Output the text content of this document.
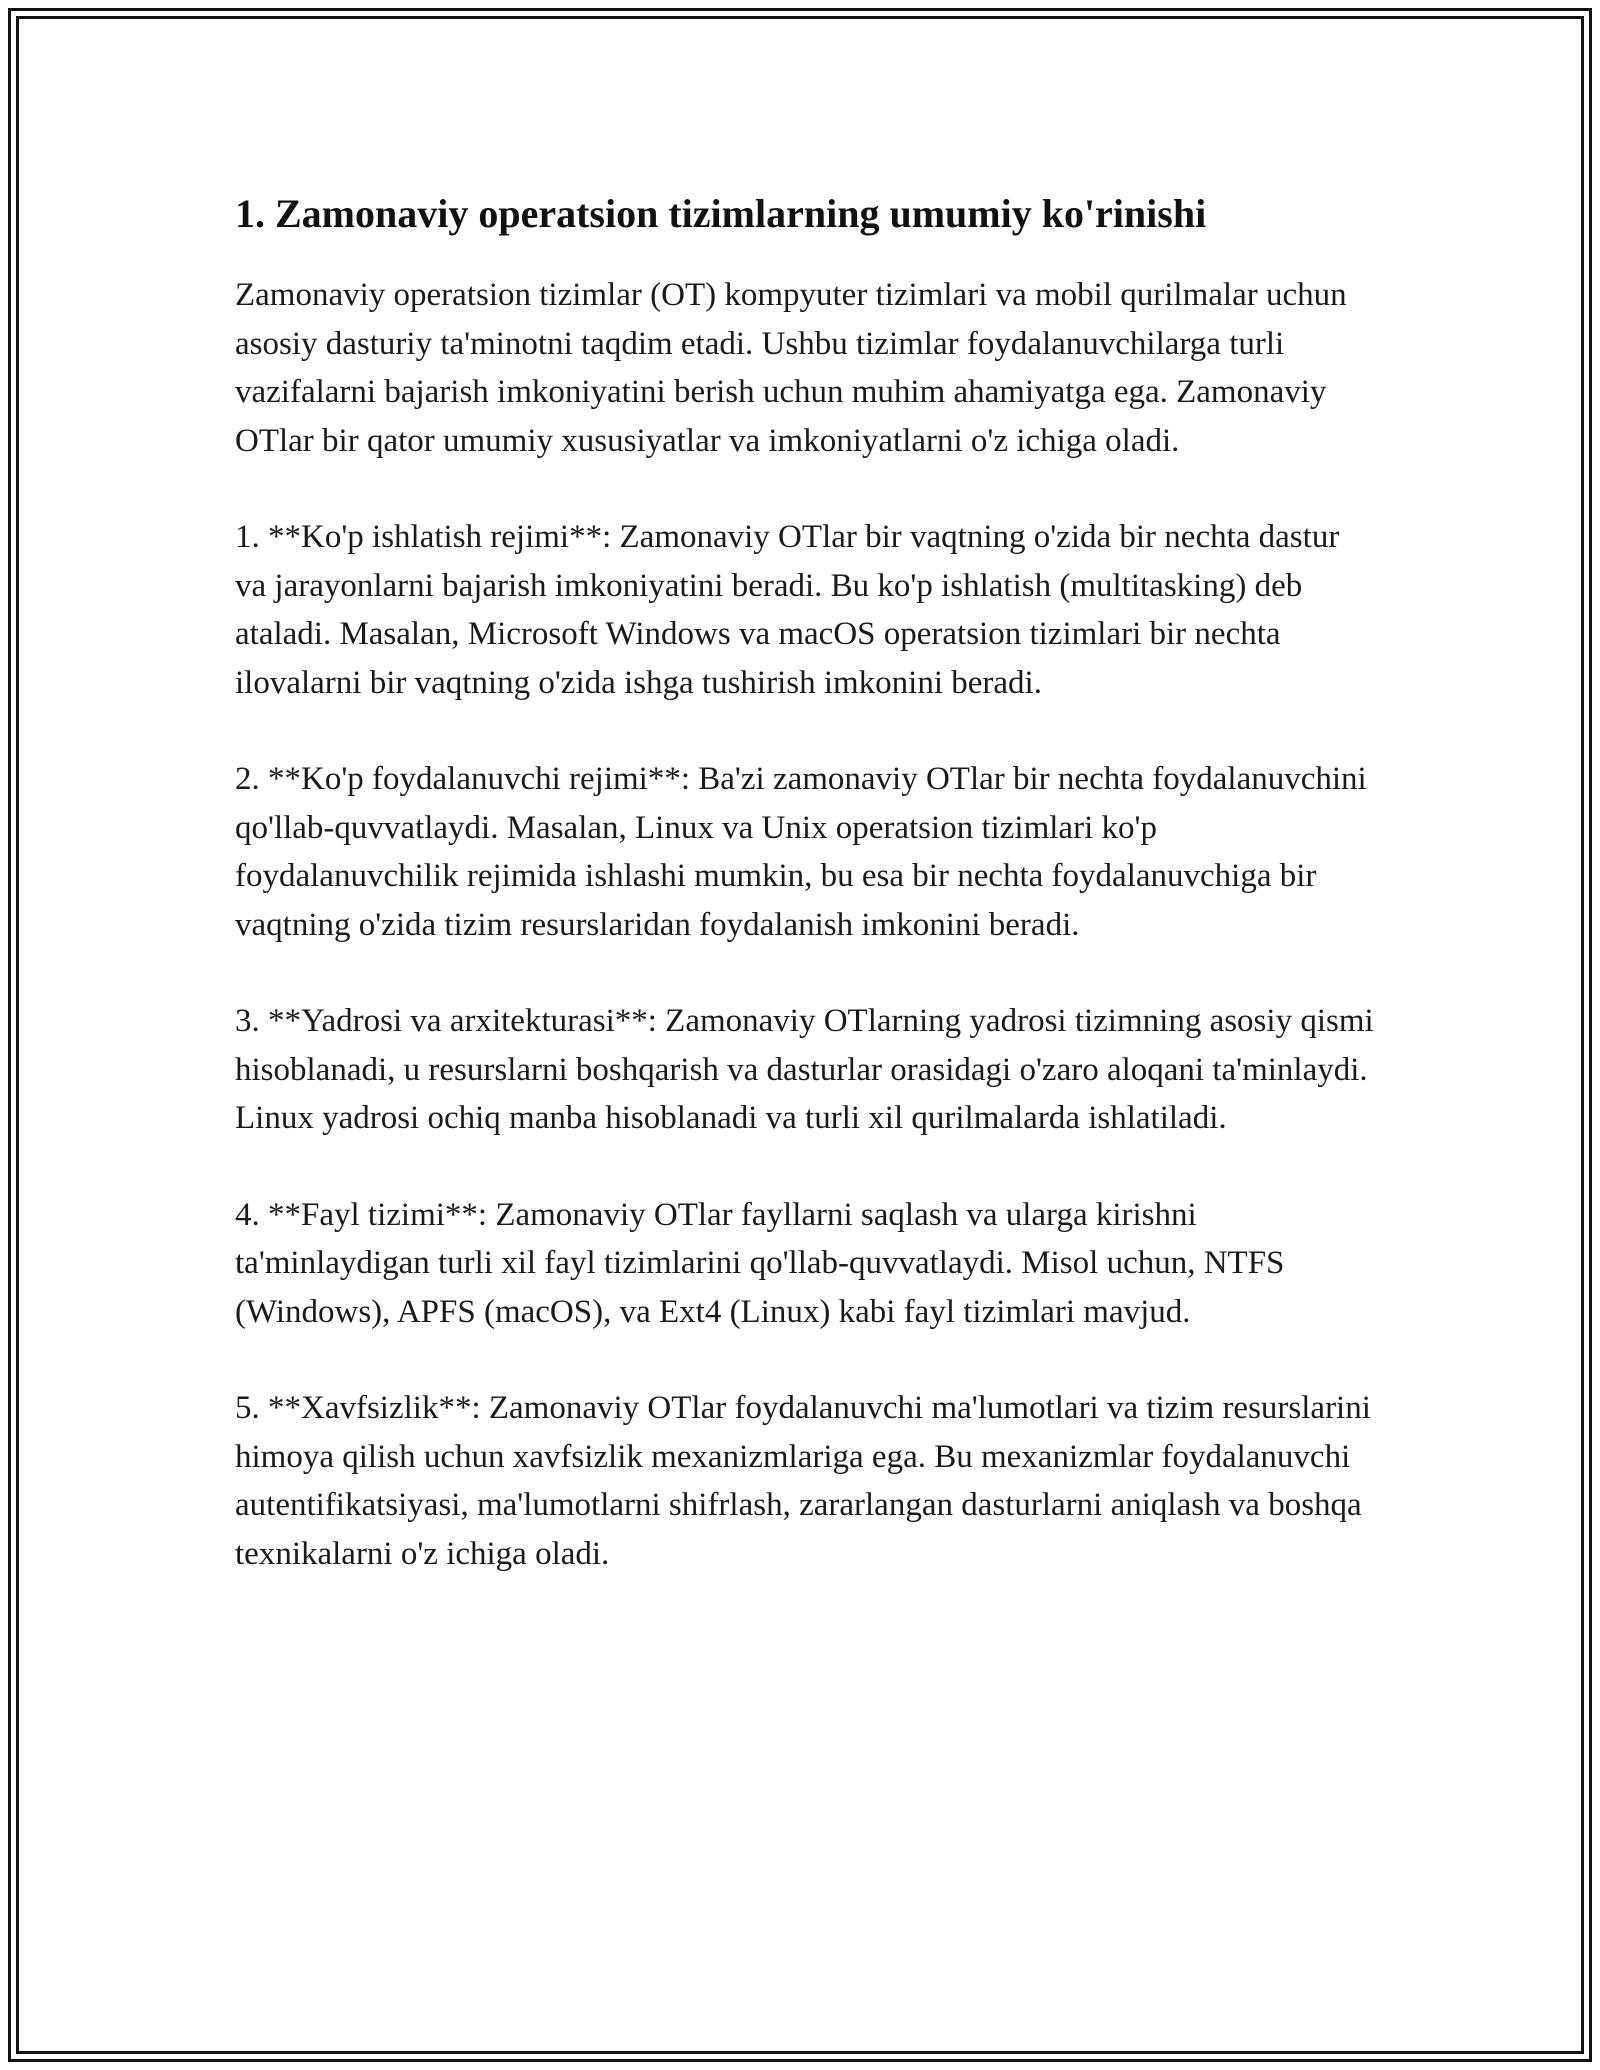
1. Zamonaviy operatsion tizimlarning umumiy ko'rinishi

Zamonaviy operatsion tizimlar (OT) kompyuter tizimlari va mobil qurilmalar uchun asosiy dasturiy ta'minotni taqdim etadi. Ushbu tizimlar foydalanuvchilarga turli vazifalarni bajarish imkoniyatini berish uchun muhim ahamiyatga ega. Zamonaviy OTlar bir qator umumiy xususiyatlar va imkoniyatlarni o'z ichiga oladi.

1. **Ko'p ishlatish rejimi**: Zamonaviy OTlar bir vaqtning o'zida bir nechta dastur va jarayonlarni bajarish imkoniyatini beradi. Bu ko'p ishlatish (multitasking) deb ataladi. Masalan, Microsoft Windows va macOS operatsion tizimlari bir nechta ilovalarni bir vaqtning o'zida ishga tushirish imkonini beradi.

2. **Ko'p foydalanuvchi rejimi**: Ba'zi zamonaviy OTlar bir nechta foydalanuvchini qo'llab-quvvatlaydi. Masalan, Linux va Unix operatsion tizimlari ko'p foydalanuvchilik rejimida ishlashi mumkin, bu esa bir nechta foydalanuvchiga bir vaqtning o'zida tizim resurslaridan foydalanish imkonini beradi.

3. **Yadrosi va arxitekturasi**: Zamonaviy OTlarning yadrosi tizimning asosiy qismi hisoblanadi, u resurslarni boshqarish va dasturlar orasidagi o'zaro aloqani ta'minlaydi. Linux yadrosi ochiq manba hisoblanadi va turli xil qurilmalarda ishlatiladi.

4. **Fayl tizimi**: Zamonaviy OTlar fayllarni saqlash va ularga kirishni ta'minlaydigan turli xil fayl tizimlarini qo'llab-quvvatlaydi. Misol uchun, NTFS (Windows), APFS (macOS), va Ext4 (Linux) kabi fayl tizimlari mavjud.

5. **Xavfsizlik**: Zamonaviy OTlar foydalanuvchi ma'lumotlari va tizim resurslarini himoya qilish uchun xavfsizlik mexanizmlariga ega. Bu mexanizmlar foydalanuvchi autentifikatsiyasi, ma'lumotlarni shifrlash, zararlangan dasturlarni aniqlash va boshqa texnikalarni o'z ichiga oladi.
